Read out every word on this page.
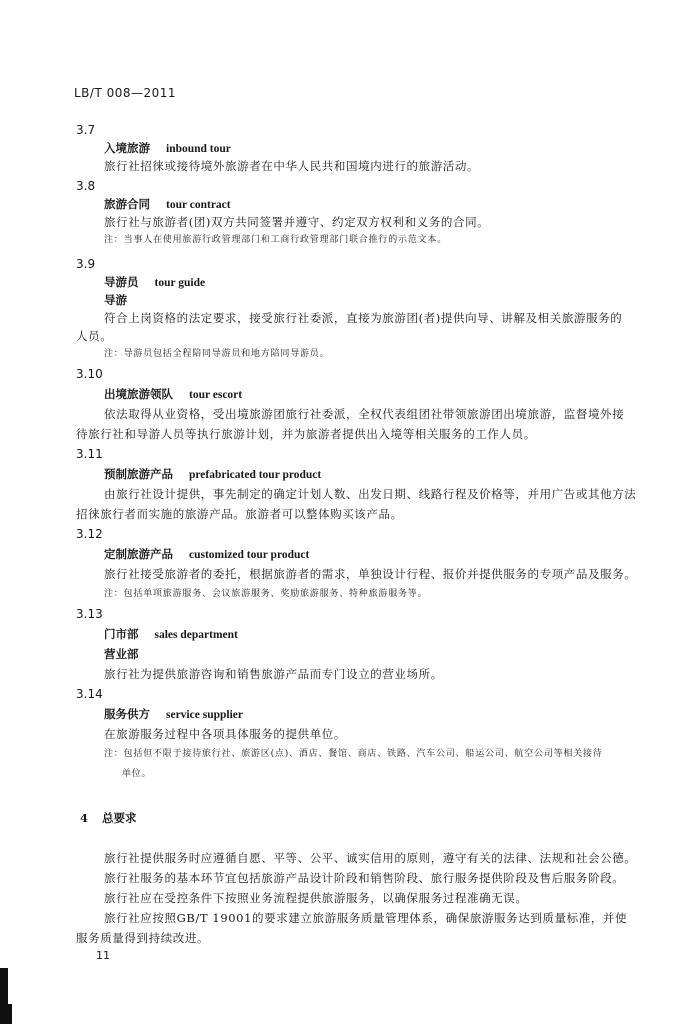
LB/T 008—2011
3.7
入境旅游 inbound tour
旅行社招徕或接待境外旅游者在中华人民共和国境内进行的旅游活动。
3.8
旅游合同 tour contract
旅行社与旅游者(团)双方共同签署并遵守、约定双方权利和义务的合同。
注：当事人在使用旅游行政管理部门和工商行政管理部门联合推行的示范文本。
3.9
导游员 tour guide
导游
符合上岗资格的法定要求，接受旅行社委派，直接为旅游团(者)提供向导、讲解及相关旅游服务的
人员。
注：导游员包括全程陪同导游员和地方陪同导游员。
3.10
出境旅游领队 tour escort
依法取得从业资格，受出境旅游团旅行社委派，全权代表组团社带领旅游团出境旅游，监督境外接
待旅行社和导游人员等执行旅游计划，并为旅游者提供出入境等相关服务的工作人员。
3.11
预制旅游产品 prefabricated tour product
由旅行社设计提供，事先制定的确定计划人数、出发日期、线路行程及价格等，并用广告或其他方法
招徕旅行者而实施的旅游产品。旅游者可以整体购买该产品。
3.12
定制旅游产品 customized tour product
旅行社接受旅游者的委托，根据旅游者的需求，单独设计行程、报价并提供服务的专项产品及服务。
注：包括单项旅游服务、会议旅游服务、奖励旅游服务、特种旅游服务等。
3.13
门市部 sales department
营业部
旅行社为提供旅游咨询和销售旅游产品而专门设立的营业场所。
3.14
服务供方 service supplier
在旅游服务过程中各项具体服务的提供单位。
注：包括但不限于接待旅行社、旅游区(点)、酒店、餐馆、商店、铁路、汽车公司、船运公司、航空公司等相关接待
单位。
4 总要求
旅行社提供服务时应遵循自愿、平等、公平、诚实信用的原则，遵守有关的法律、法规和社会公德。
旅行社服务的基本环节宜包括旅游产品设计阶段和销售阶段、旅行服务提供阶段及售后服务阶段。
旅行社应在受控条件下按照业务流程提供旅游服务，以确保服务过程准确无误。
旅行社应按照GB/T 19001的要求建立旅游服务质量管理体系，确保旅游服务达到质量标准，并使
服务质量得到持续改进。
11
